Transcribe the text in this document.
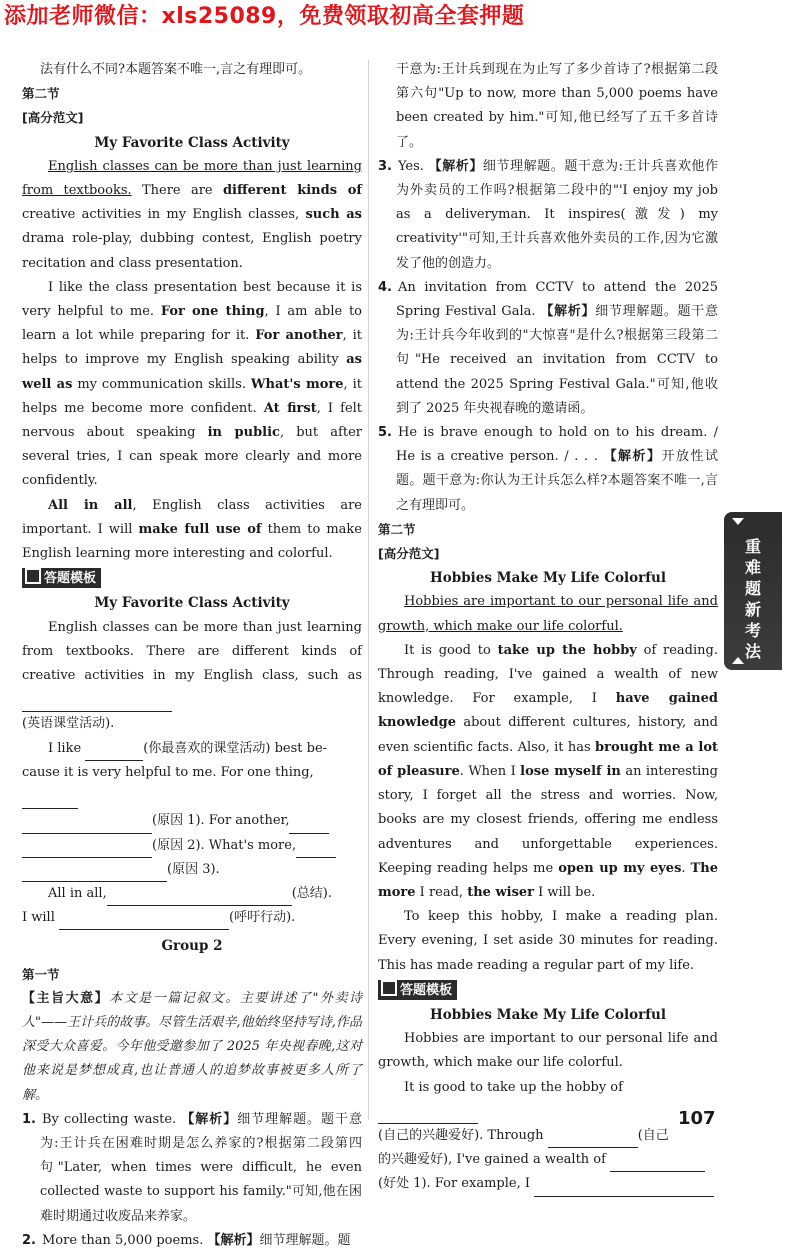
添加老师微信：xls25089，免费领取初高全套押题

法有什么不同?本题答案不唯一,言之有理即可。

第二节

[高分范文]

My Favorite Class Activity

English classes can be more than just learning from textbooks. There are different kinds of creative activities in my English classes, such as drama role-play, dubbing contest, English poetry recitation and class presentation.

I like the class presentation best because it is very helpful to me. For one thing, I am able to learn a lot while preparing for it. For another, it helps to improve my English speaking ability as well as my communication skills. What's more, it helps me become more confident. At first, I felt nervous about speaking in public, but after several tries, I can speak more clearly and more confidently.

All in all, English class activities are important. I will make full use of them to make English learning more interesting and colorful.

答题模板

My Favorite Class Activity

English classes can be more than just learning from textbooks. There are different kinds of creative activities in my English class, such as

(英语课堂活动).

I like	(你最喜欢的课堂活动) best be-

cause it is very helpful to me. For one thing,

(原因 1). For another,

(原因 2). What's more,

(原因 3).

All in all,	(总结).

I will	(呼吁行动).

Group 2

第一节

【主旨大意】本文是一篇记叙文。主要讲述了"外卖诗人"——王计兵的故事。尽管生活艰辛,他始终坚持写诗,作品深受大众喜爱。今年他受邀参加了 2025 年央视春晚,这对他来说是梦想成真,也让普通人的追梦故事被更多人所了解。

1. By collecting waste. 【解析】细节理解题。题干意为:王计兵在困难时期是怎么养家的?根据第二段第四句"Later, when times were difficult, he even collected waste to support his family."可知,他在困难时期通过收废品来养家。

2. More than 5,000 poems. 【解析】细节理解题。题

干意为:王计兵到现在为止写了多少首诗了?根据第二段第六句"Up to now, more than 5,000 poems have been created by him."可知,他已经写了五千多首诗了。

3. Yes. 【解析】细节理解题。题干意为:王计兵喜欢他作为外卖员的工作吗?根据第二段中的"'I enjoy my job as a deliveryman. It inspires(激发) my creativity'"可知,王计兵喜欢他外卖员的工作,因为它激发了他的创造力。

4. An invitation from CCTV to attend the 2025 Spring Festival Gala. 【解析】细节理解题。题干意为:王计兵今年收到的"大惊喜"是什么?根据第三段第二句"He received an invitation from CCTV to attend the 2025 Spring Festival Gala."可知,他收到了 2025 年央视春晚的邀请函。

5. He is brave enough to hold on to his dream. / He is a creative person. / . . . 【解析】开放性试题。题干意为:你认为王计兵怎么样?本题答案不唯一,言之有理即可。

第二节

[高分范文]

Hobbies Make My Life Colorful

Hobbies are important to our personal life and growth, which make our life colorful.

It is good to take up the hobby of reading. Through reading, I've gained a wealth of new knowledge. For example, I have gained knowledge about different cultures, history, and even scientific facts. Also, it has brought me a lot of pleasure. When I lose myself in an interesting story, I forget all the stress and worries. Now, books are my closest friends, offering me endless adventures and unforgettable experiences. Keeping reading helps me open up my eyes. The more I read, the wiser I will be.

To keep this hobby, I make a reading plan. Every evening, I set aside 30 minutes for reading. This has made reading a regular part of my life.

答题模板

Hobbies Make My Life Colorful

Hobbies are important to our personal life and growth, which make our life colorful.

It is good to take up the hobby of

(自己的兴趣爱好). Through	(自己

的兴趣爱好), I've gained a wealth of

(好处 1). For example, I

重
难
题
新
考
法
107
